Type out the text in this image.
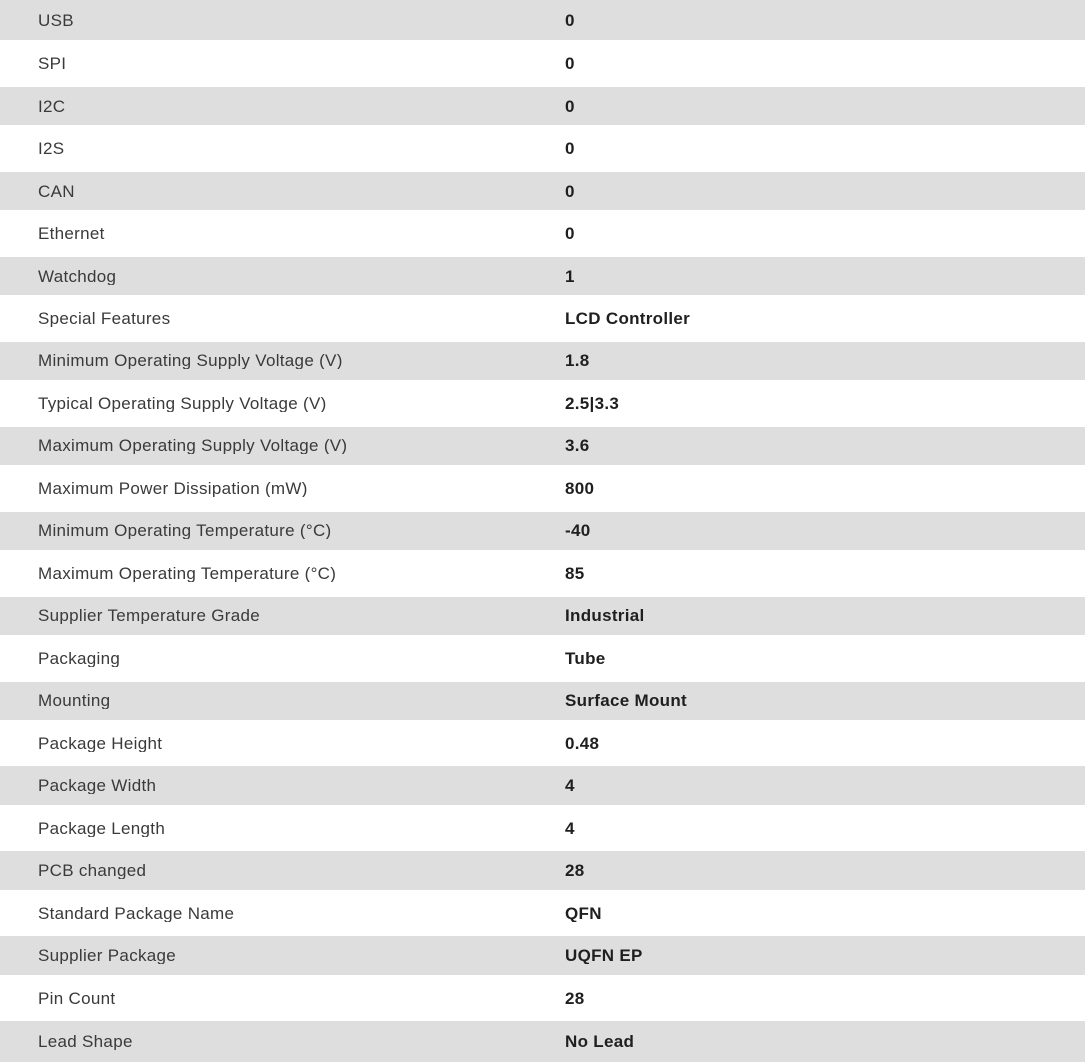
USB	0
SPI	0
I2C	0
I2S	0
CAN	0
Ethernet	0
Watchdog	1
Special Features	LCD Controller
Minimum Operating Supply Voltage (V)	1.8
Typical Operating Supply Voltage (V)	2.5|3.3
Maximum Operating Supply Voltage (V)	3.6
Maximum Power Dissipation (mW)	800
Minimum Operating Temperature (°C)	-40
Maximum Operating Temperature (°C)	85
Supplier Temperature Grade	Industrial
Packaging	Tube
Mounting	Surface Mount
Package Height	0.48
Package Width	4
Package Length	4
PCB changed	28
Standard Package Name	QFN
Supplier Package	UQFN EP
Pin Count	28
Lead Shape	No Lead
